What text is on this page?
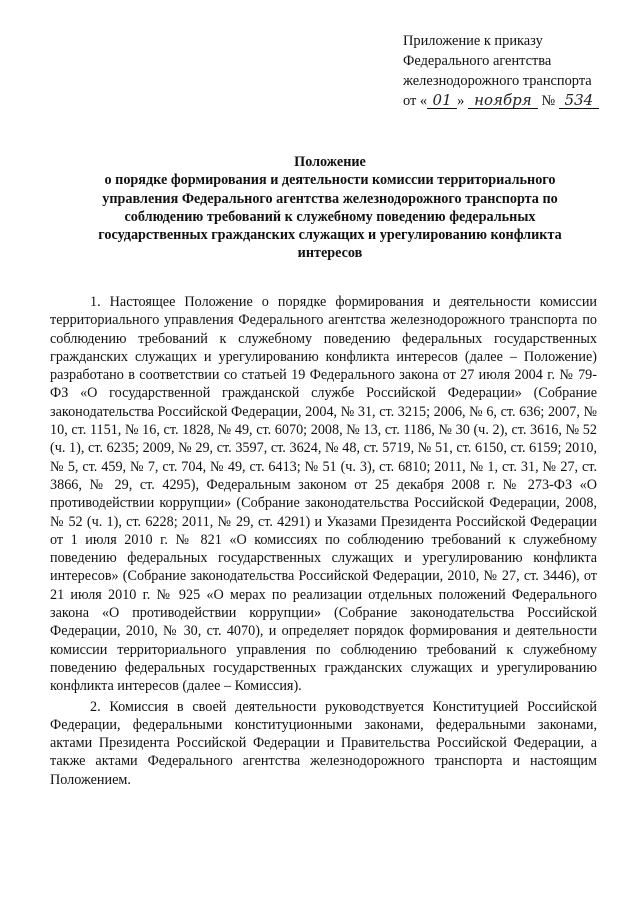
Приложение к приказу
Федерального агентства
железнодорожного транспорта
от « 01 » ноября № 534
Положение
о порядке формирования и деятельности комиссии территориального управления Федерального агентства железнодорожного транспорта по соблюдению требований к служебному поведению федеральных государственных гражданских служащих и урегулированию конфликта интересов

1. Настоящее Положение о порядке формирования и деятельности комиссии территориального управления Федерального агентства железнодорожного транспорта по соблюдению требований к служебному поведению федеральных государственных гражданских служащих и урегулированию конфликта интересов (далее – Положение) разработано в соответствии со статьей 19 Федерального закона от 27 июля 2004 г. № 79-ФЗ «О государственной гражданской службе Российской Федерации» (Собрание законодательства Российской Федерации, 2004, № 31, ст. 3215; 2006, № 6, ст. 636; 2007, № 10, ст. 1151, № 16, ст. 1828, № 49, ст. 6070; 2008, № 13, ст. 1186, № 30 (ч. 2), ст. 3616, № 52 (ч. 1), ст. 6235; 2009, № 29, ст. 3597, ст. 3624, № 48, ст. 5719, № 51, ст. 6150, ст. 6159; 2010, № 5, ст. 459, № 7, ст. 704, № 49, ст. 6413; № 51 (ч. 3), ст. 6810; 2011, № 1, ст. 31, № 27, ст. 3866, № 29, ст. 4295), Федеральным законом от 25 декабря 2008 г. № 273-ФЗ «О противодействии коррупции» (Собрание законодательства Российской Федерации, 2008, № 52 (ч. 1), ст. 6228; 2011, № 29, ст. 4291) и Указами Президента Российской Федерации от 1 июля 2010 г. № 821 «О комиссиях по соблюдению требований к служебному поведению федеральных государственных служащих и урегулированию конфликта интересов» (Собрание законодательства Российской Федерации, 2010, № 27, ст. 3446), от 21 июля 2010 г. № 925 «О мерах по реализации отдельных положений Федерального закона «О противодействии коррупции» (Собрание законодательства Российской Федерации, 2010, № 30, ст. 4070), и определяет порядок формирования и деятельности комиссии территориального управления по соблюдению требований к служебному поведению федеральных государственных гражданских служащих и урегулированию конфликта интересов (далее – Комиссия).

2. Комиссия в своей деятельности руководствуется Конституцией Российской Федерации, федеральными конституционными законами, федеральными законами, актами Президента Российской Федерации и Правительства Российской Федерации, а также актами Федерального агентства железнодорожного транспорта и настоящим Положением.
